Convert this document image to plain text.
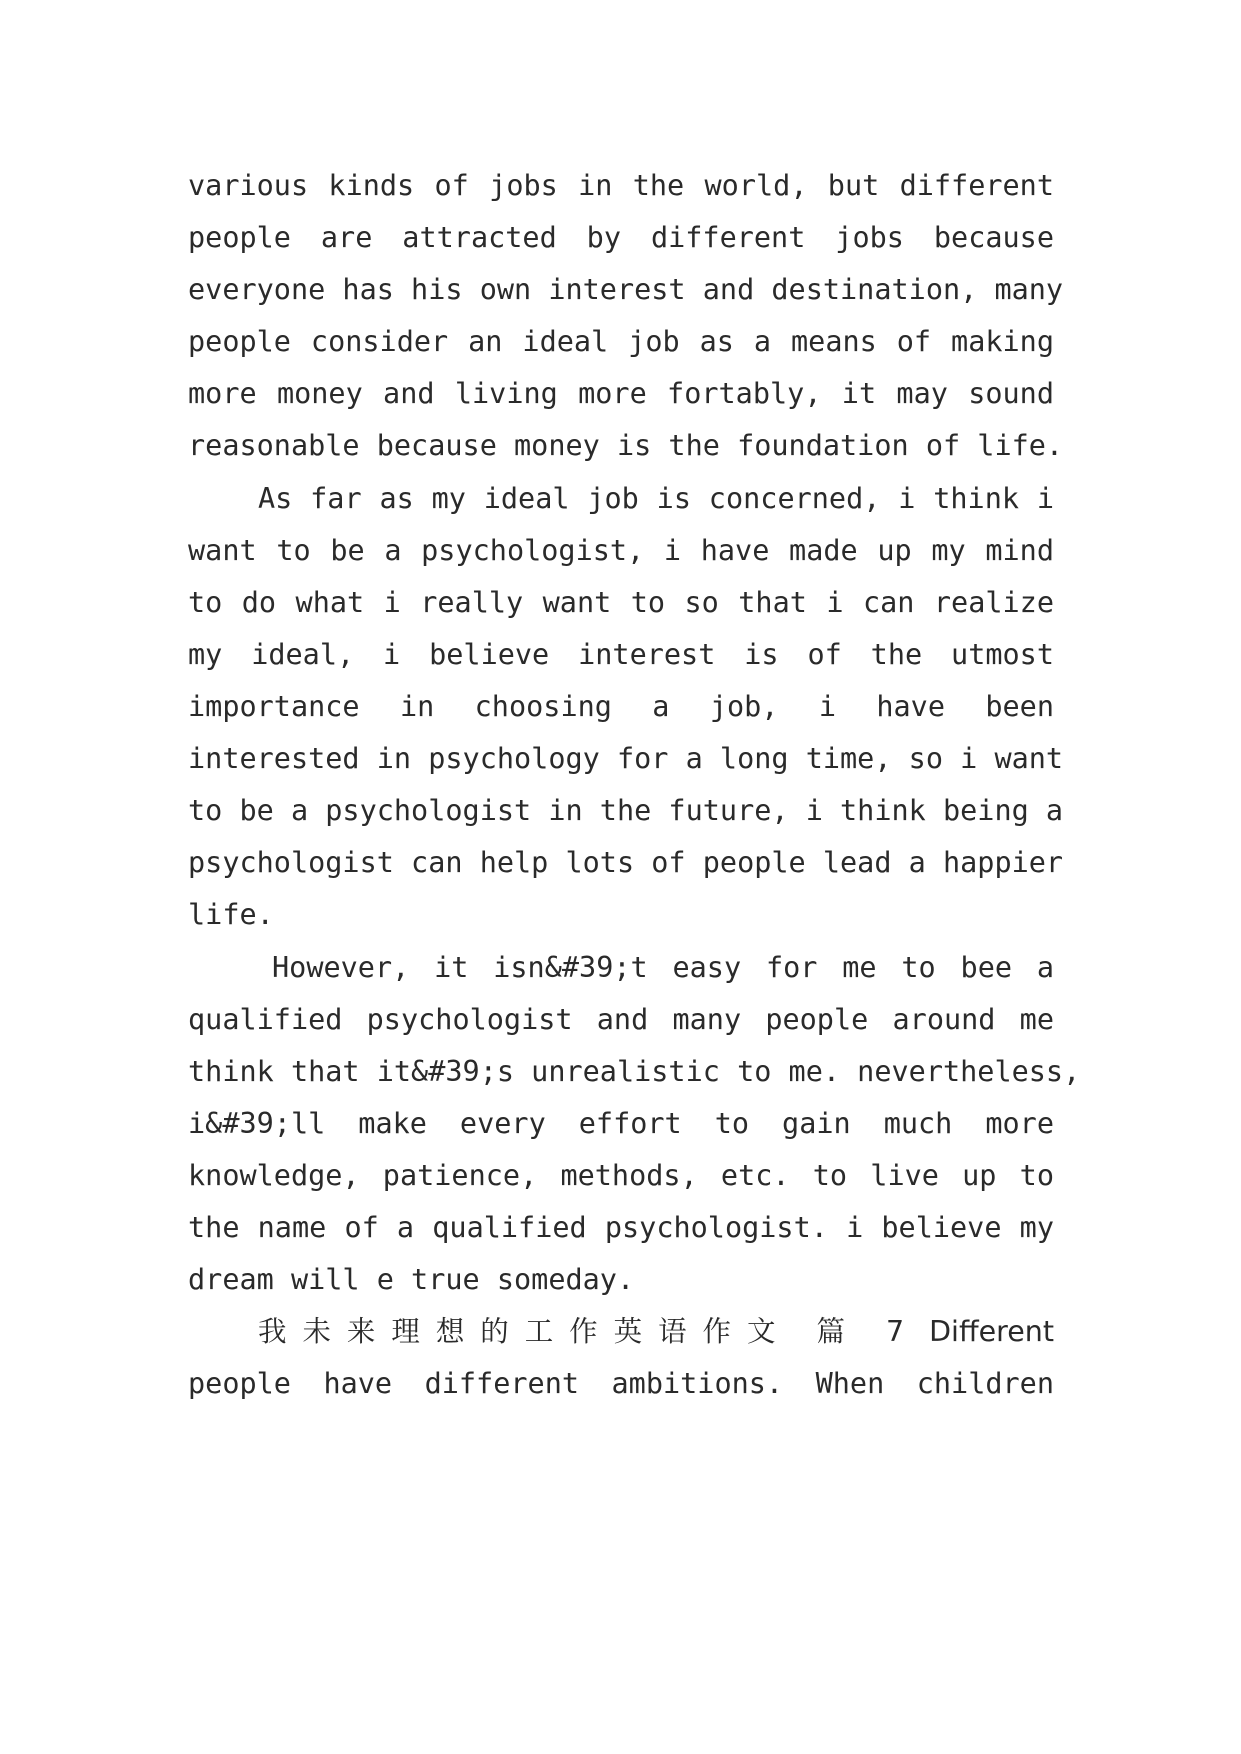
various kinds of jobs in the world, but different
people are attracted by different jobs because
everyone has his own interest and destination, many
people consider an ideal job as a means of making
more money and living more fortably, it may sound
reasonable because money is the foundation of life.
As far as my ideal job is concerned, i think i
want to be a psychologist, i have made up my mind
to do what i really want to so that i can realize
my ideal, i believe interest is of the utmost
importance in choosing a job, i have been
interested in psychology for a long time, so i want
to be a psychologist in the future, i think being a
psychologist can help lots of people lead a happier
life.
However, it isn&#39;t easy for me to bee a
qualified psychologist and many people around me
think that it&#39;s unrealistic to me. nevertheless,
i&#39;ll make every effort to gain much more
knowledge, patience, methods, etc. to live up to
the name of a qualified psychologist. i believe my
dream will e true someday.
我未来理想的工作英语作文 篇 7 Different
people have different ambitions. When children
